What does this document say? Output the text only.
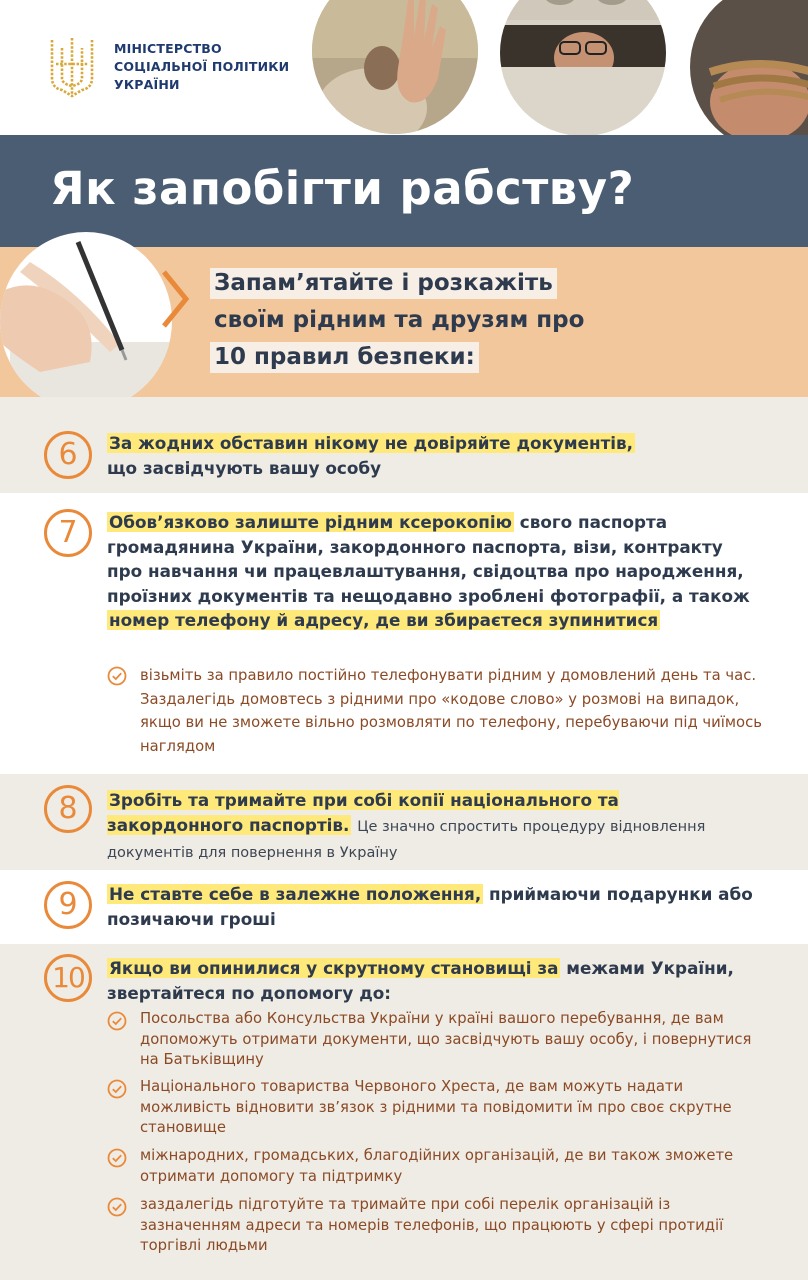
МІНІСТЕРСТВО
СОЦІАЛЬНОЇ ПОЛІТИКИ
УКРАЇНИ
Як запобігти рабству?
Запам’ятайте і розкажіть
своїм рідним та друзям про
10 правил безпеки:
6	За жодних обставин нікому не довіряйте документів,
що засвідчують вашу особу
7	Обов’язково залиште рідним ксерокопію свого паспорта громадянина України, закордонного паспорта, візи, контракту про навчання чи працевлаштування, свідоцтва про народження, проїзних документів та нещодавно зроблені фотографії, а також номер телефону й адресу, де ви збираєтеся зупинитися
візьміть за правило постійно телефонувати рідним у домовлений день та час. Заздалегідь домовтесь з рідними про «кодове слово» у розмові на випадок, якщо ви не зможете вільно розмовляти по телефону, перебуваючи під чиїмось наглядом
8	Зробіть та тримайте при собі копії національного та закордонного паспортів. Це значно спростить процедуру відновлення документів для повернення в Україну
9	Не ставте себе в залежне положення, приймаючи подарунки або позичаючи гроші
10	Якщо ви опинилися у скрутному становищі за межами України, звертайтеся по допомогу до:
Посольства або Консульства України у країні вашого перебування, де вам допоможуть отримати документи, що засвідчують вашу особу, і повернутися на Батьківщину
Національного товариства Червоного Хреста, де вам можуть надати можливість відновити зв’язок з рідними та повідомити їм про своє скрутне становище
міжнародних, громадських, благодійних організацій, де ви також зможете отримати допомогу та підтримку
заздалегідь підготуйте та тримайте при собі перелік організацій із зазначенням адреси та номерів телефонів, що працюють у сфері протидії торгівлі людьми
